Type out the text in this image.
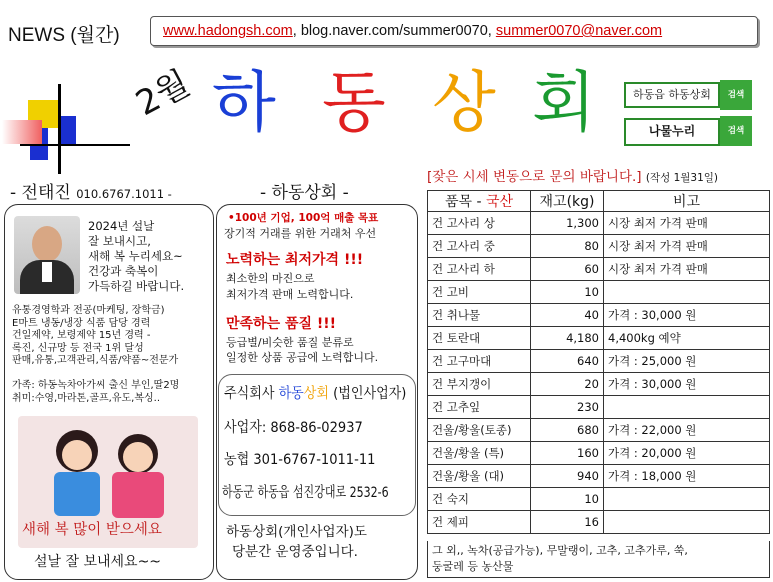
NEWS (월간)	www.hadongsh.com, blog.naver.com/summer0070, summer0070@naver.com
2월 하 동 상 회	하동읍 하동상회	검색
나물누리	검색
- 전태진 010.6767.1011 -
2024년 설날
잘 보내시고,
새해 복 누리세요~
건강과 축복이
가득하길 바랍니다.
유통경영학과 전공(마케팅, 장학금)
E마트 냉동/냉장 식품 담당 경력
건일제약, 보령제약 15년 경력 -
록진, 신규망 등 전국 1위 달성
판매,유통,고객관리,식품/약품~전문가
가족: 하동녹차아가씨 출신 부인,딸2명
취미:수영,마라톤,골프,유도,복싱..
새해 복 많이 받으세요
설날 잘 보내세요~~
- 하동상회 -
•100년 기업, 100억 매출 목표
장기적 거래를 위한 거래처 우선
노력하는 최저가격 !!!
최소한의 마진으로
최저가격 판매 노력합니다.
만족하는 품질 !!!
등급별/비슷한 품질 분류로
일정한 상품 공급에 노력합니다.
주식회사 하동상회 (법인사업자)
사업자: 868-86-02937
농협 301-6767-1011-11
하동군 하동읍 섬진강대로 2532-6
하동상회(개인사업자)도
당분간 운영중입니다.
[잦은 시세 변동으로 문의 바랍니다.] (작성 1월31일)
품목 - 국산	재고(kg)	비고
건 고사리 상	1,300	시장 최저 가격 판매
건 고사리 중	80	시장 최저 가격 판매
건 고사리 하	60	시장 최저 가격 판매
건 고비	10	
건 취나물	40	가격 : 30,000 원
건 토란대	4,180	4,400kg 예약
건 고구마대	640	가격 : 25,000 원
건 부지갱이	20	가격 : 30,000 원
건 고추잎	230	
건울/황울(토종)	680	가격 : 22,000 원
건울/황울 (특)	160	가격 : 20,000 원
건울/황울 (대)	940	가격 : 18,000 원
건 숙지	10	
건 제피	16	
그 외,, 녹차(공급가능), 무말랭이, 고추, 고추가루, 쑥,
둥굴레 등 농산물
